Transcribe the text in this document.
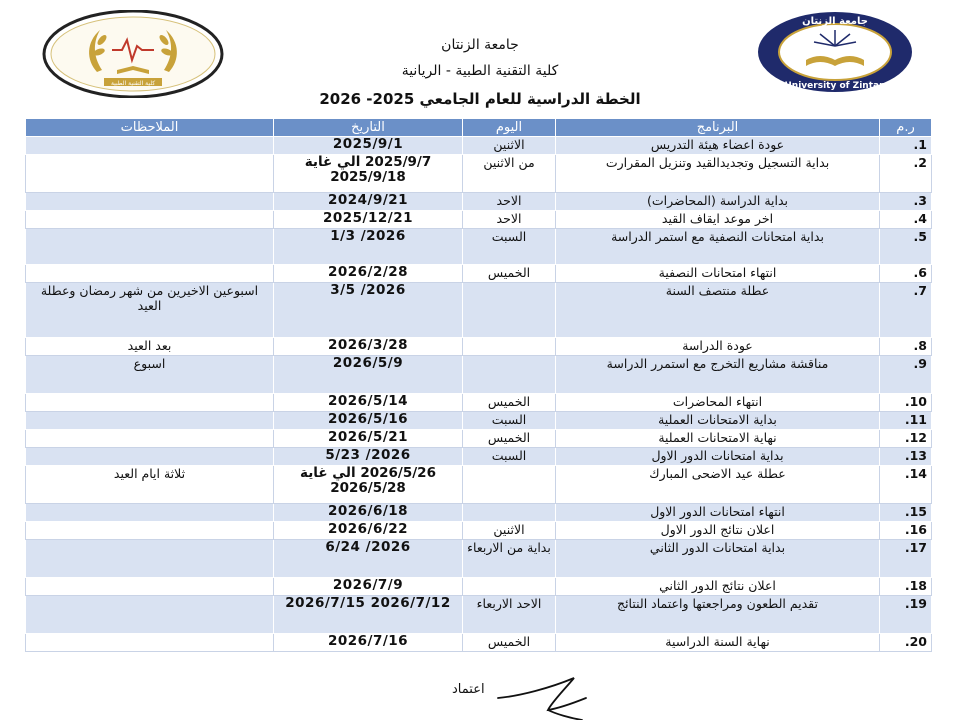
كلية التقنية الطبية
جامعة الزنتان
University of Zintan
جامعة الزنتان
كلية التقنية الطبية - الريانية
الخطة الدراسية للعام الجامعي 2025- 2026
ر.م	البرنامج	اليوم	التاريخ	الملاحظات
1.	عودة اعضاء هيئة التدريس	الاثنين	2025/9/1	
2.	بداية التسجيل وتجديدالقيد وتنزيل المقرارت	من الاثنين	2025/9/7 الي غاية 2025/9/18	
3.	بداية الدراسة (المحاضرات)	الاحد	2024/9/21	
4.	اخر موعد ايقاف القيد	الاحد	2025/12/21	
5.	بداية امتحانات النصفية مع استمر الدراسة	السبت	2026/ 1/3	
6.	انتهاء امتحانات النصفية	الخميس	2026/2/28	
7.	عطلة منتصف السنة		2026/ 3/5	اسبوعين الاخيرين من شهر رمضان وعطلة العيد
8.	عودة الدراسة		2026/3/28	بعد العيد
9.	مناقشة مشاريع التخرج مع استمرر الدراسة		2026/5/9	اسبوع
10.	انتهاء المحاضرات	الخميس	2026/5/14	
11.	بداية الامتحانات العملية	السبت	2026/5/16	
12.	نهاية الامتحانات العملية	الخميس	2026/5/21	
13.	بداية امتحانات الدور الاول	السبت	2026/ 5/23	
14.	عطلة عيد الاضحى المبارك		2026/5/26 الي غاية 2026/5/28	ثلاثة ايام العيد
15.	انتهاء امتحانات الدور الاول		2026/6/18	
16.	اعلان نتائج الدور الاول	الاثنين	2026/6/22	
17.	بداية امتحانات الدور الثاني	بداية من الاربعاء	2026/ 6/24	
18.	اعلان نتائج الدور الثاني		2026/7/9	
19.	تقديم الطعون ومراجعتها واعتماد النتائج	الاحد الاربعاء	2026/7/12 2026/7/15	
20.	نهاية السنة الدراسية	الخميس	2026/7/16	
اعتماد
